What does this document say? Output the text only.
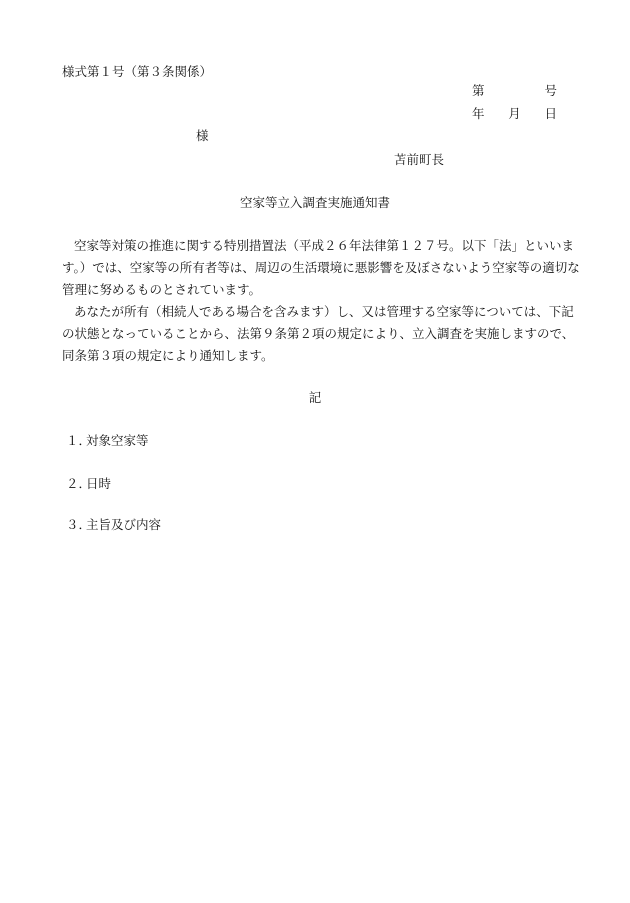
様式第１号（第３条関係）
第	号
年 月 日
様
苫前町長
空家等立入調査実施通知書

空家等対策の推進に関する特別措置法（平成２６年法律第１２７号。以下「法」といいます。）では、空家等の所有者等は、周辺の生活環境に悪影響を及ぼさないよう空家等の適切な管理に努めるものとされています。

あなたが所有（相続人である場合を含みます）し、又は管理する空家等については、下記の状態となっていることから、法第９条第２項の規定により、立入調査を実施しますので、同条第３項の規定により通知します。

記
１．対象空家等
２．日時
３．主旨及び内容
